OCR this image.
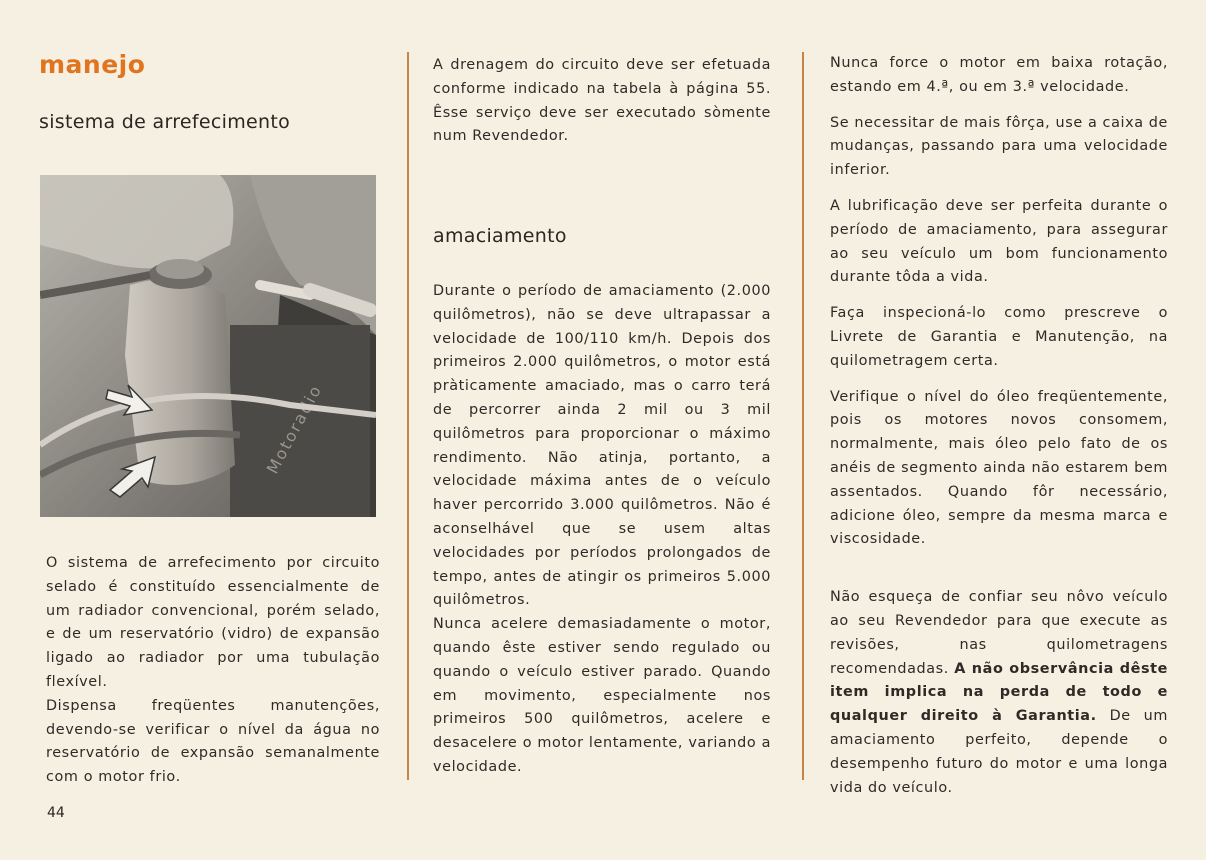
manejo
sistema de arrefecimento
Motoradio

O sistema de arrefecimento por circuito selado é constituído essencialmente de um radiador convencional, porém selado, e de um reservatório (vidro) de expansão ligado ao radiador por uma tubulação flexível.

Dispensa freqüentes manutenções, devendo-se verificar o nível da água no reservatório de expansão semanalmente com o motor frio.

A drenagem do circuito deve ser efetuada conforme indicado na tabela à página 55. Êsse serviço deve ser executado sòmente num Revendedor.

amaciamento

Durante o período de amaciamento (2.000 quilômetros), não se deve ultrapassar a velocidade de 100/110 km/h. Depois dos primeiros 2.000 quilômetros, o motor está pràticamente amaciado, mas o carro terá de percorrer ainda 2 mil ou 3 mil quilômetros para proporcionar o máximo rendimento. Não atinja, portanto, a velocidade máxima antes de o veículo haver percorrido 3.000 quilômetros. Não é aconselhável que se usem altas velocidades por períodos prolongados de tempo, antes de atingir os primeiros 5.000 quilômetros.

Nunca acelere demasiadamente o motor, quando êste estiver sendo regulado ou quando o veículo estiver parado. Quando em movimento, especialmente nos primeiros 500 quilômetros, acelere e desacelere o motor lentamente, variando a velocidade.

Nunca force o motor em baixa rotação, estando em 4.ª, ou em 3.ª velocidade.

Se necessitar de mais fôrça, use a caixa de mudanças, passando para uma velocidade inferior.

A lubrificação deve ser perfeita durante o período de amaciamento, para assegurar ao seu veículo um bom funcionamento durante tôda a vida.

Faça inspecioná-lo como prescreve o Livrete de Garantia e Manutenção, na quilometragem certa.

Verifique o nível do óleo freqüentemente, pois os motores novos consomem, normalmente, mais óleo pelo fato de os anéis de segmento ainda não estarem bem assentados. Quando fôr necessário, adicione óleo, sempre da mesma marca e viscosidade.

Não esqueça de confiar seu nôvo veículo ao seu Revendedor para que execute as revisões, nas quilometragens recomendadas. A não observância dêste item implica na perda de todo e qualquer direito à Garantia. De um amaciamento perfeito, depende o desempenho futuro do motor e uma longa vida do veículo.

44
